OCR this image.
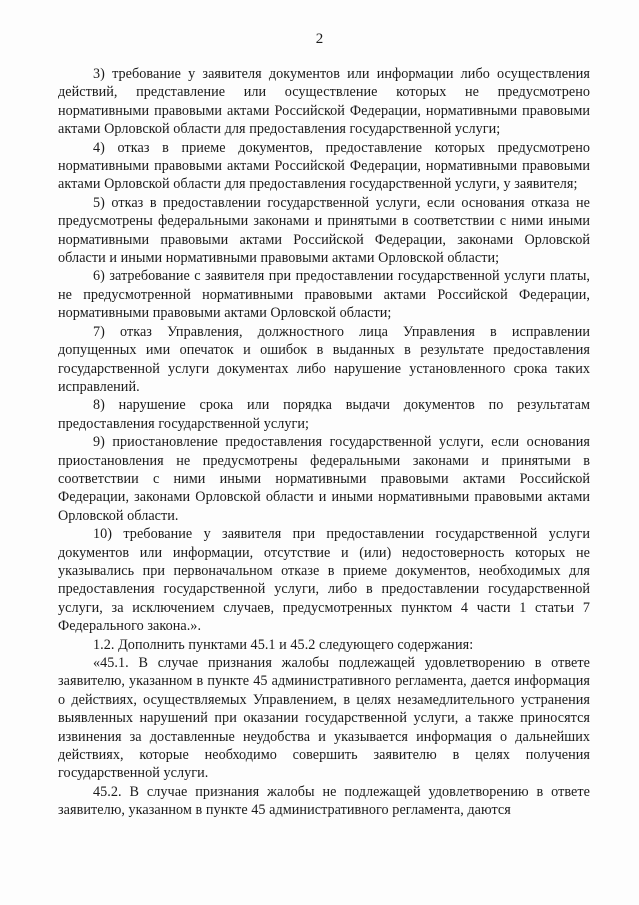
2

3) требование у заявителя документов или информации либо осуществления действий, представление или осуществление которых не предусмотрено нормативными правовыми актами Российской Федерации, нормативными правовыми актами Орловской области для предоставления государственной услуги;

4) отказ в приеме документов, предоставление которых предусмотрено нормативными правовыми актами Российской Федерации, нормативными правовыми актами Орловской области для предоставления государственной услуги, у заявителя;

5) отказ в предоставлении государственной услуги, если основания отказа не предусмотрены федеральными законами и принятыми в соответствии с ними иными нормативными правовыми актами Российской Федерации, законами Орловской области и иными нормативными правовыми актами Орловской области;

6) затребование с заявителя при предоставлении государственной услуги платы, не предусмотренной нормативными правовыми актами Российской Федерации, нормативными правовыми актами Орловской области;

7) отказ Управления, должностного лица Управления в исправлении допущенных ими опечаток и ошибок в выданных в результате предоставления государственной услуги документах либо нарушение установленного срока таких исправлений.

8) нарушение срока или порядка выдачи документов по результатам предоставления государственной услуги;

9) приостановление предоставления государственной услуги, если основания приостановления не предусмотрены федеральными законами и принятыми в соответствии с ними иными нормативными правовыми актами Российской Федерации, законами Орловской области и иными нормативными правовыми актами Орловской области.

10) требование у заявителя при предоставлении государственной услуги документов или информации, отсутствие и (или) недостоверность которых не указывались при первоначальном отказе в приеме документов, необходимых для предоставления государственной услуги, либо в предоставлении государственной услуги, за исключением случаев, предусмотренных пунктом 4 части 1 статьи 7 Федерального закона.».

1.2. Дополнить пунктами 45.1 и 45.2 следующего содержания:

«45.1. В случае признания жалобы подлежащей удовлетворению в ответе заявителю, указанном в пункте 45 административного регламента, дается информация о действиях, осуществляемых Управлением, в целях незамедлительного устранения выявленных нарушений при оказании государственной услуги, а также приносятся извинения за доставленные неудобства и указывается информация о дальнейших действиях, которые необходимо совершить заявителю в целях получения государственной услуги.

45.2. В случае признания жалобы не подлежащей удовлетворению в ответе заявителю, указанном в пункте 45 административного регламента, даются
